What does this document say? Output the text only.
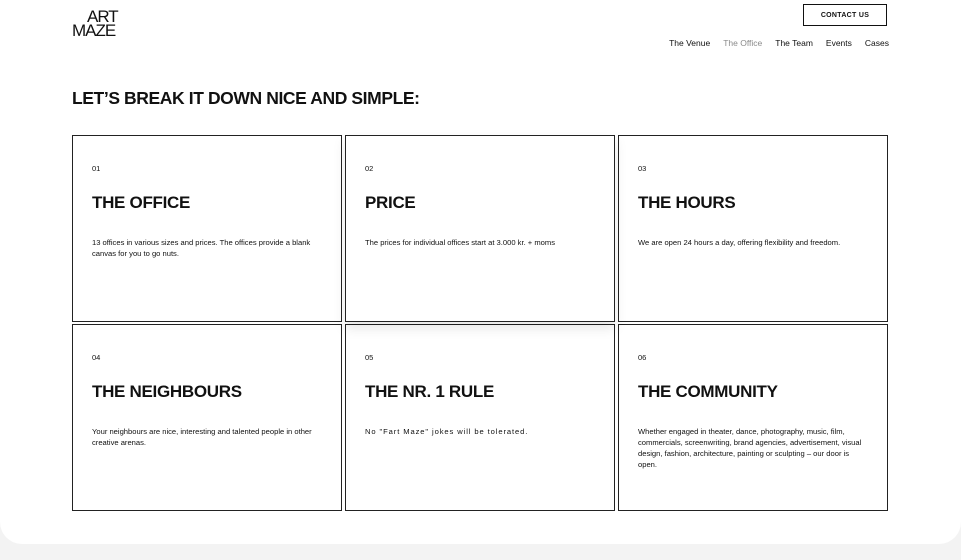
ART
MAZE
CONTACT US
The Venue The Office The Team Events Cases
LET’S BREAK IT DOWN NICE AND SIMPLE:

01

THE OFFICE

13 offices in various sizes and prices. The offices provide a blank canvas for you to go nuts.

02

PRICE

The prices for individual offices start at 3.000 kr. + moms

03

THE HOURS

We are open 24 hours a day, offering flexibility and freedom.

04

THE NEIGHBOURS

Your neighbours are nice, interesting and talented people in other creative arenas.

05

THE NR. 1 RULE

No "Fart Maze" jokes will be tolerated.

06

THE COMMUNITY

Whether engaged in theater, dance, photography, music, film, commercials, screenwriting, brand agencies, advertisement, visual design, fashion, architecture, painting or sculpting – our door is open.
